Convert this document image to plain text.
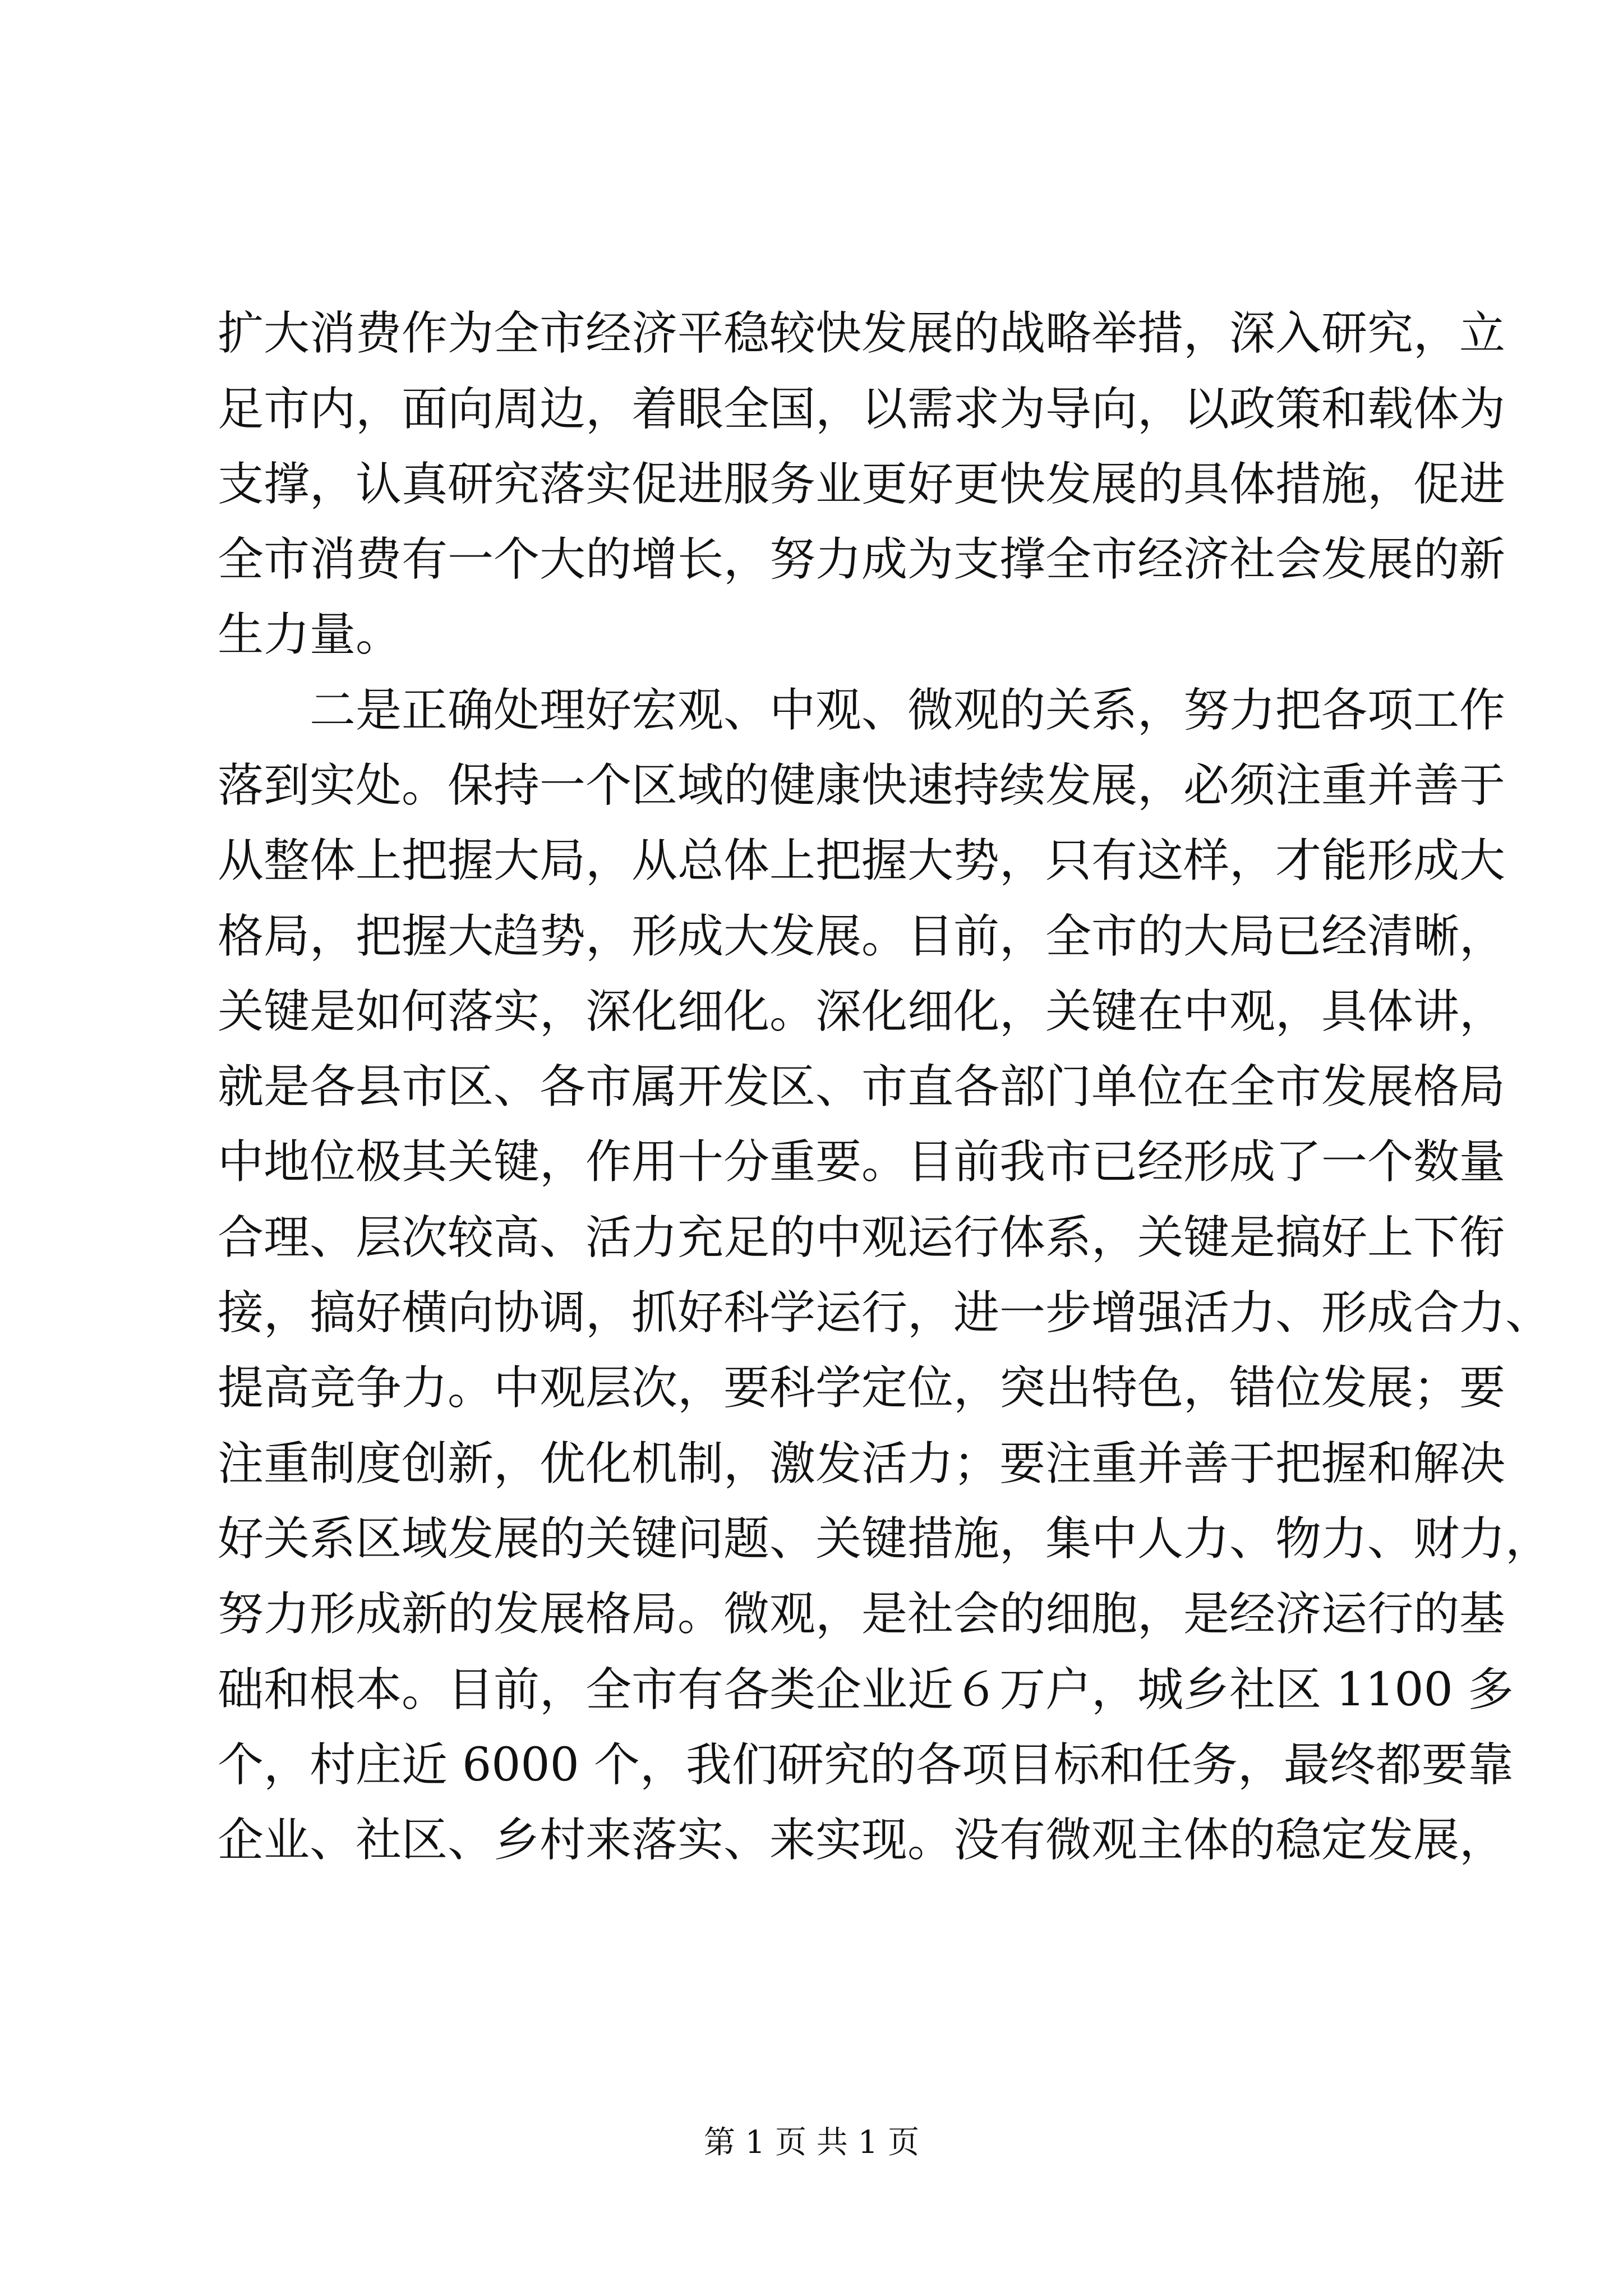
扩大消费作为全市经济平稳较快发展的战略举措，深入研究，立
足市内，面向周边，着眼全国，以需求为导向，以政策和载体为
支撑，认真研究落实促进服务业更好更快发展的具体措施，促进
全市消费有一个大的增长，努力成为支撑全市经济社会发展的新
生力量。
二是正确处理好宏观、中观、微观的关系，努力把各项工作
落到实处。保持一个区域的健康快速持续发展，必须注重并善于
从整体上把握大局，从总体上把握大势，只有这样，才能形成大
格局，把握大趋势，形成大发展。目前，全市的大局已经清晰，
关键是如何落实，深化细化。深化细化，关键在中观，具体讲，
就是各县市区、各市属开发区、市直各部门单位在全市发展格局
中地位极其关键，作用十分重要。目前我市已经形成了一个数量
合理、层次较高、活力充足的中观运行体系，关键是搞好上下衔
接，搞好横向协调，抓好科学运行，进一步增强活力、形成合力、
提高竞争力。中观层次，要科学定位，突出特色，错位发展；要
注重制度创新，优化机制，激发活力；要注重并善于把握和解决
好关系区域发展的关键问题、关键措施，集中人力、物力、财力，
努力形成新的发展格局。微观，是社会的细胞，是经济运行的基
础和根本。目前，全市有各类企业近６万户，城乡社区 1100 多
个，村庄近 6000 个，我们研究的各项目标和任务，最终都要靠
企业、社区、乡村来落实、来实现。没有微观主体的稳定发展，
第 1 页 共 1 页
